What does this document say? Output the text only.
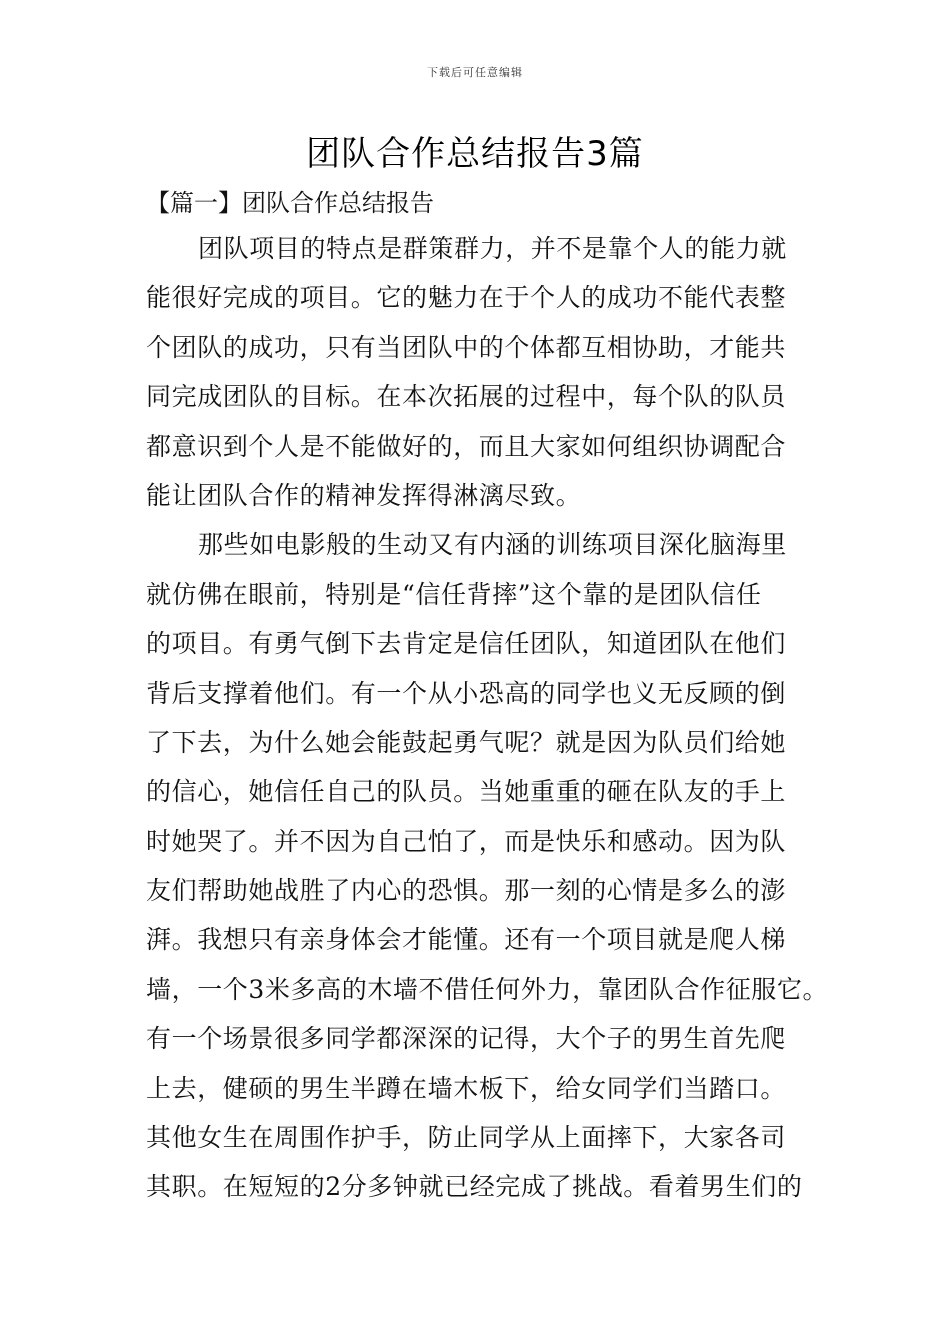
下载后可任意编辑
团队合作总结报告3篇
【篇一】团队合作总结报告
团队项目的特点是群策群力，并不是靠个人的能力就
能很好完成的项目。它的魅力在于个人的成功不能代表整
个团队的成功，只有当团队中的个体都互相协助，才能共
同完成团队的目标。在本次拓展的过程中，每个队的队员
都意识到个人是不能做好的，而且大家如何组织协调配合
能让团队合作的精神发挥得淋漓尽致。
那些如电影般的生动又有内涵的训练项目深化脑海里
就仿佛在眼前，特别是“信任背摔”这个靠的是团队信任
的项目。有勇气倒下去肯定是信任团队，知道团队在他们
背后支撑着他们。有一个从小恐高的同学也义无反顾的倒
了下去，为什么她会能鼓起勇气呢？就是因为队员们给她
的信心，她信任自己的队员。当她重重的砸在队友的手上
时她哭了。并不因为自己怕了，而是快乐和感动。因为队
友们帮助她战胜了内心的恐惧。那一刻的心情是多么的澎
湃。我想只有亲身体会才能懂。还有一个项目就是爬人梯
墙，一个3米多高的木墙不借任何外力，靠团队合作征服它。
有一个场景很多同学都深深的记得，大个子的男生首先爬
上去，健硕的男生半蹲在墙木板下，给女同学们当踏口。
其他女生在周围作护手，防止同学从上面摔下，大家各司
其职。在短短的2分多钟就已经完成了挑战。看着男生们的
